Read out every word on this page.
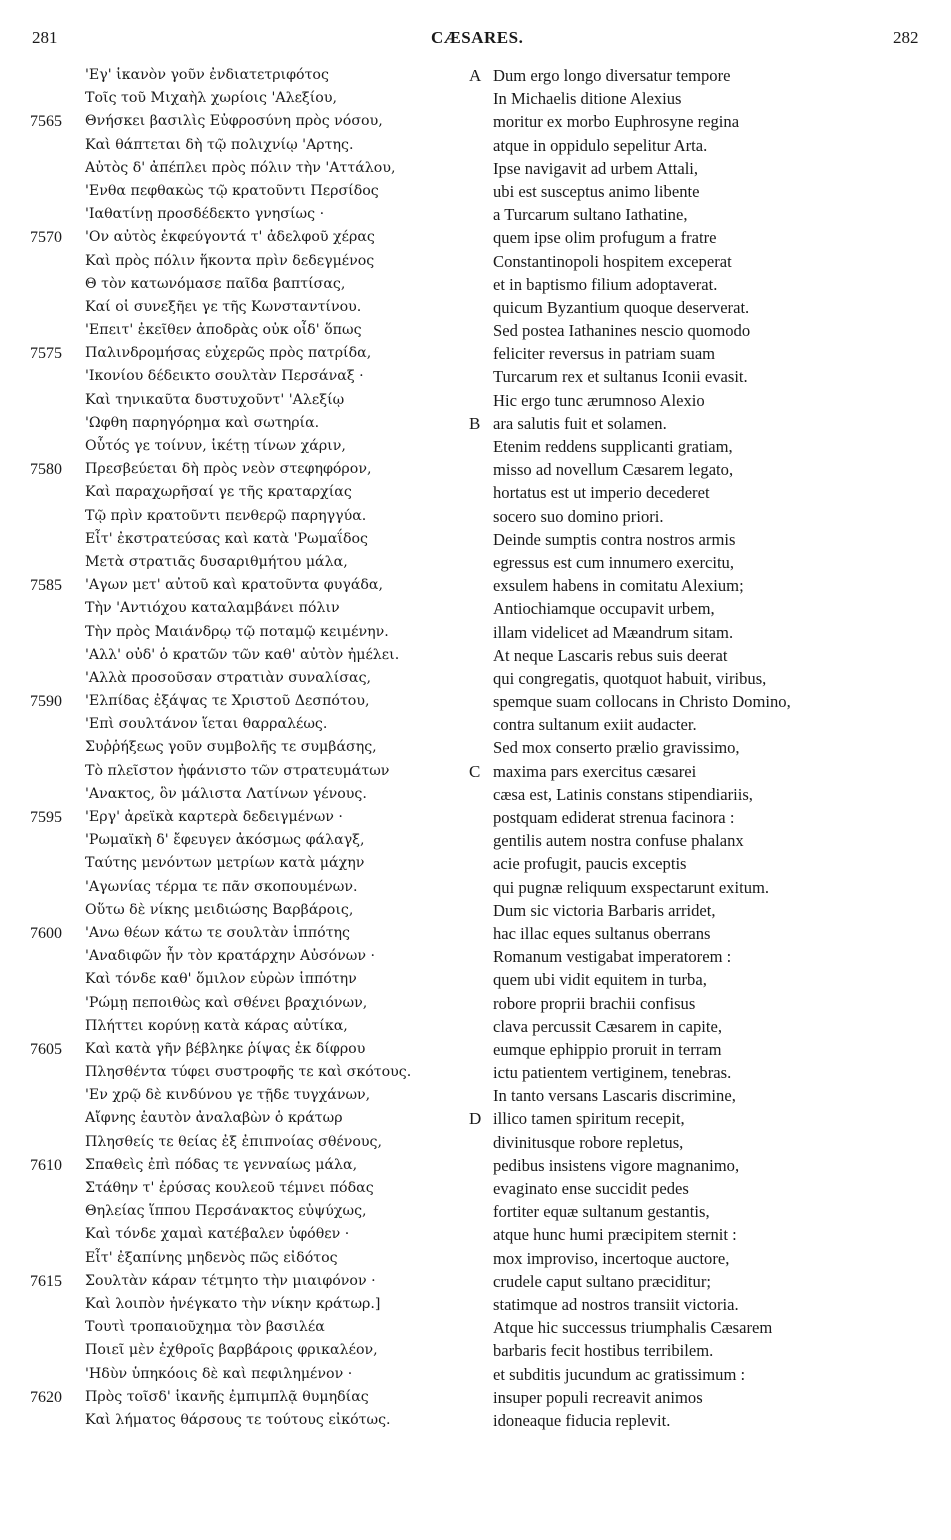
281	CÆSARES.	282
'Εγ' ἱκανὸν γοῦν ἐνδιατετριφότος
Τοῖς τοῦ Μιχαὴλ χωρίοις 'Αλεξίου,
7565	Θνήσκει βασιλὶς Εὐφροσύνη πρὸς νόσου,
Καὶ θάπτεται δὴ τῷ πολιχνίῳ 'Αρτης.
Αὐτὸς δ' ἀπέπλει πρὸς πόλιν τὴν 'Αττάλου,
'Ενθα πεφθακὼς τῷ κρατοῦντι Περσίδος
'Ιαθατίνῃ προσδέδεκτο γνησίως ·
7570	'Ον αὐτὸς ἐκφεύγοντά τ' ἀδελφοῦ χέρας
Καὶ πρὸς πόλιν ἥκοντα πρὶν δεδεγμένος
Θ τὸν κατωνόμασε παῖδα βαπτίσας,
Καί οἱ συνεξῆει γε τῆς Κωνσταντίνου.
'Επειτ' ἐκεῖθεν ἀποδρὰς οὐκ οἶδ' ὅπως
7575	Παλινδρομήσας εὐχερῶς πρὸς πατρίδα,
'Ικονίου δέδεικτο σουλτὰν Περσάναξ ·
Καὶ τηνικαῦτα δυστυχοῦντ' 'Αλεξίῳ
'Ωφθη παρηγόρημα καὶ σωτηρία.
Οὗτός γε τοίνυν, ἱκέτῃ τίνων χάριν,
7580	Πρεσβεύεται δὴ πρὸς νεὸν στεφηφόρον,
Καὶ παραχωρῆσαί γε τῆς κραταρχίας
Τῷ πρὶν κρατοῦντι πενθερῷ παρηγγύα.
Εἶτ' ἐκστρατεύσας καὶ κατὰ 'Ρωμαΐδος
Μετὰ στρατιᾶς δυσαριθμήτου μάλα,
7585	'Αγων μετ' αὐτοῦ καὶ κρατοῦντα φυγάδα,
Τὴν 'Αντιόχου καταλαμβάνει πόλιν
Τὴν πρὸς Μαιάνδρῳ τῷ ποταμῷ κειμένην.
'Αλλ' οὐδ' ὁ κρατῶν τῶν καθ' αὐτὸν ἠμέλει.
'Αλλὰ προσοῦσαν στρατιὰν συναλίσας,
7590	'Ελπίδας ἐξάψας τε Χριστοῦ Δεσπότου,
'Επὶ σουλτάνον ἵεται θαρραλέως.
Συῤῥήξεως γοῦν συμβολῆς τε συμβάσης,
Τὸ πλεῖστον ἠφάνιστο τῶν στρατευμάτων
'Ανακτος, ὃν μάλιστα Λατίνων γένους.
7595	'Εργ' ἀρεϊκὰ καρτερὰ δεδειγμένων ·
'Ρωμαϊκὴ δ' ἔφευγεν ἀκόσμως φάλαγξ,
Ταύτης μενόντων μετρίων κατὰ μάχην
'Αγωνίας τέρμα τε πᾶν σκοπουμένων.
Οὕτω δὲ νίκης μειδιώσης Βαρβάροις,
7600	'Ανω θέων κάτω τε σουλτὰν ἱππότης
'Αναδιφῶν ἦν τὸν κρατάρχην Αὐσόνων ·
Καὶ τόνδε καθ' ὅμιλον εὑρὼν ἱππότην
'Ρώμῃ πεποιθὼς καὶ σθένει βραχιόνων,
Πλήττει κορύνῃ κατὰ κάρας αὐτίκα,
7605	Καὶ κατὰ γῆν βέβληκε ῥίψας ἐκ δίφρου
Πλησθέντα τύφει συστροφῆς τε καὶ σκότους.
'Εν χρῷ δὲ κινδύνου γε τῇδε τυγχάνων,
Αἴφνης ἑαυτὸν ἀναλαβὼν ὁ κράτωρ
Πλησθείς τε θείας ἐξ ἐπιπνοίας σθένους,
7610	Σπαθεὶς ἐπὶ πόδας τε γενναίως μάλα,
Στάθην τ' ἐρύσας κουλεοῦ τέμνει πόδας
Θηλείας ἵππου Περσάνακτος εὐψύχως,
Καὶ τόνδε χαμαὶ κατέβαλεν ὑφόθεν ·
Εἶτ' ἐξαπίνης μηδενὸς πῶς εἰδότος
7615	Σουλτὰν κάραν τέτμητο τὴν μιαιφόνον ·
Καὶ λοιπὸν ἠνέγκατο τὴν νίκην κράτωρ.]
Τουτὶ τροπαιοῦχημα τὸν βασιλέα
Ποιεῖ μὲν ἐχθροῖς βαρβάροις φρικαλέον,
'Ηδὺν ὑπηκόοις δὲ καὶ πεφιλημένον ·
7620	Πρὸς τοῖσδ' ἱκανῆς ἐμπιμπλᾷ θυμηδίας
Καὶ λήματος θάρσους τε τούτους εἰκότως.
Dum ergo longo diversatur tempore
A
In Michaelis ditione Alexius
moritur ex morbo Euphrosyne regina
atque in oppidulo sepelitur Arta.
Ipse navigavit ad urbem Attali,
ubi est susceptus animo libente
a Turcarum sultano Iathatine,
quem ipse olim profugum a fratre
Constantinopoli hospitem exceperat
et in baptismo filium adoptaverat.
quicum Byzantium quoque deserverat.
Sed postea Iathanines nescio quomodo
feliciter reversus in patriam suam
Turcarum rex et sultanus Iconii evasit.
Hic ergo tunc ærumnoso Alexio
ara salutis fuit et solamen.
B
Etenim reddens supplicanti gratiam,
misso ad novellum Cæsarem legato,
hortatus est ut imperio decederet
socero suo domino priori.
Deinde sumptis contra nostros armis
egressus est cum innumero exercitu,
exsulem habens in comitatu Alexium;
Antiochiamque occupavit urbem,
illam videlicet ad Mæandrum sitam.
At neque Lascaris rebus suis deerat
qui congregatis, quotquot habuit, viribus,
spemque suam collocans in Christo Domino,
contra sultanum exiit audacter.
Sed mox conserto prælio gravissimo,
maxima pars exercitus cæsarei
C
cæsa est, Latinis constans stipendiariis,
postquam ediderat strenua facinora :
gentilis autem nostra confuse phalanx
acie profugit, paucis exceptis
qui pugnæ reliquum exspectarunt exitum.
Dum sic victoria Barbaris arridet,
hac illac eques sultanus oberrans
Romanum vestigabat imperatorem :
quem ubi vidit equitem in turba,
robore proprii brachii confisus
clava percussit Cæsarem in capite,
eumque ephippio proruit in terram
ictu patientem vertiginem, tenebras.
In tanto versans Lascaris discrimine,
illico tamen spiritum recepit,
D
divinitusque robore repletus,
pedibus insistens vigore magnanimo,
evaginato ense succidit pedes
fortiter equæ sultanum gestantis,
atque hunc humi præcipitem sternit :
mox improviso, incertoque auctore,
crudele caput sultano præciditur;
statimque ad nostros transiit victoria.
Atque hic successus triumphalis Cæsarem
barbaris fecit hostibus terribilem.
et subditis jucundum ac gratissimum :
insuper populi recreavit animos
idoneaque fiducia replevit.
